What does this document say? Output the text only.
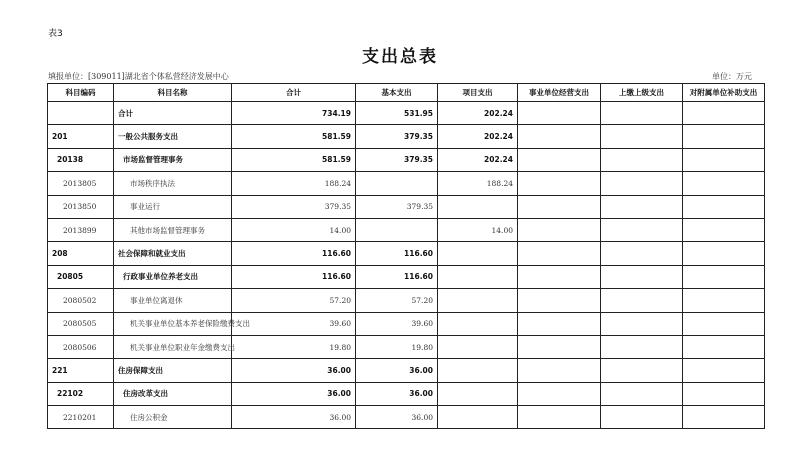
表3
支出总表
填报单位：[309011]湖北省个体私营经济发展中心	单位：万元
科目编码	科目名称	合计	基本支出	项目支出	事业单位经营支出	上缴上级支出	对附属单位补助支出
	合计	734.19	531.95	202.24			
201	一般公共服务支出	581.59	379.35	202.24			
20138	市场监督管理事务	581.59	379.35	202.24			
2013805	市场秩序执法	188.24		188.24			
2013850	事业运行	379.35	379.35				
2013899	其他市场监督管理事务	14.00		14.00			
208	社会保障和就业支出	116.60	116.60				
20805	行政事业单位养老支出	116.60	116.60				
2080502	事业单位离退休	57.20	57.20				
2080505	机关事业单位基本养老保险缴费支出	39.60	39.60				
2080506	机关事业单位职业年金缴费支出	19.80	19.80				
221	住房保障支出	36.00	36.00				
22102	住房改革支出	36.00	36.00				
2210201	住房公积金	36.00	36.00				
